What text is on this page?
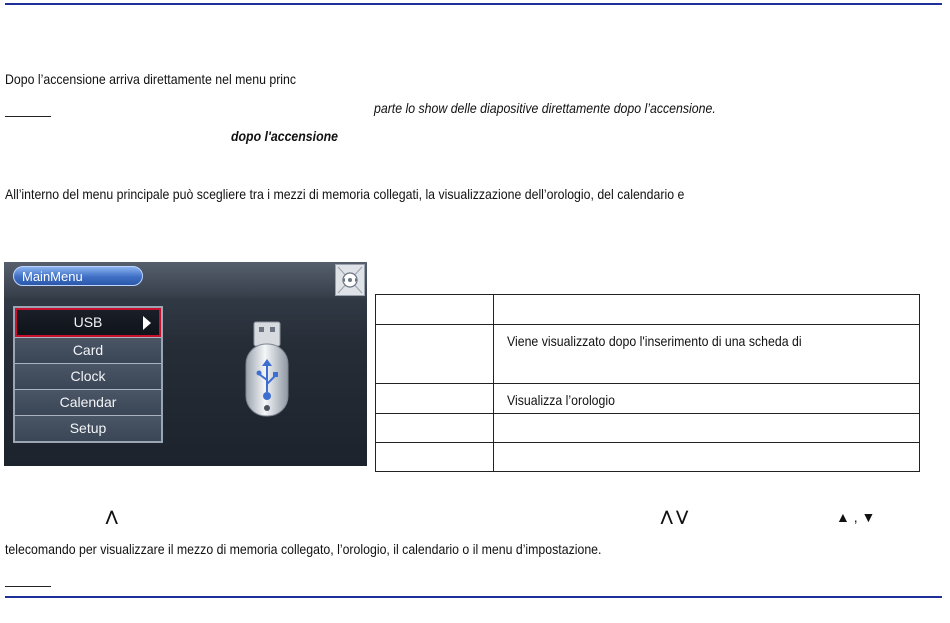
Dopo l’accensione arriva direttamente nel menu princ
parte lo show delle diapositive direttamente dopo l’accensione.
dopo l'accensione
All’interno del menu principale può scegliere tra i mezzi di memoria collegati, la visualizzazione dell’orologio, del calendario e
MainMenu
USB
Card
Clock
Calendar
Setup

	Viene visualizzato dopo l'inserimento di una scheda di
	Visualizza l’orologio

⋀	⋀ ⋁	▲ , ▼
telecomando per visualizzare il mezzo di memoria collegato, l’orologio, il calendario o il menu d’impostazione.
